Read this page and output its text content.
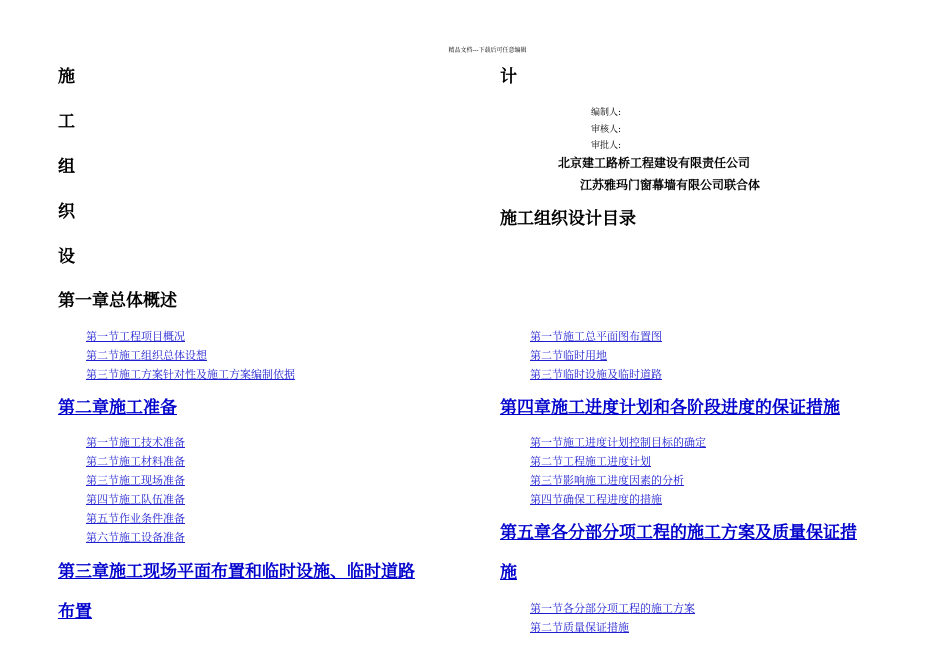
精品文档---下载后可任意编辑
施
工
组
织
设
计
编制人:
审核人:
审批人:
北京建工路桥工程建设有限责任公司
江苏雅玛门窗幕墙有限公司联合体
施工组织设计目录
第一章总体概述
第一节工程项目概况
第二节施工组织总体设想
第三节施工方案针对性及施工方案编制依据
第二章施工准备
第一节施工技术准备
第二节施工材料准备
第三节施工现场准备
第四节施工队伍准备
第五节作业条件准备
第六节施工设备准备
第三章施工现场平面布置和临时设施、临时道路
布置
第一节施工总平面图布置图
第二节临时用地
第三节临时设施及临时道路
第四章施工进度计划和各阶段进度的保证措施
第一节施工进度计划控制目标的确定
第二节工程施工进度计划
第三节影响施工进度因素的分析
第四节确保工程进度的措施
第五章各分部分项工程的施工方案及质量保证措
施
第一节各分部分项工程的施工方案
第二节质量保证措施
